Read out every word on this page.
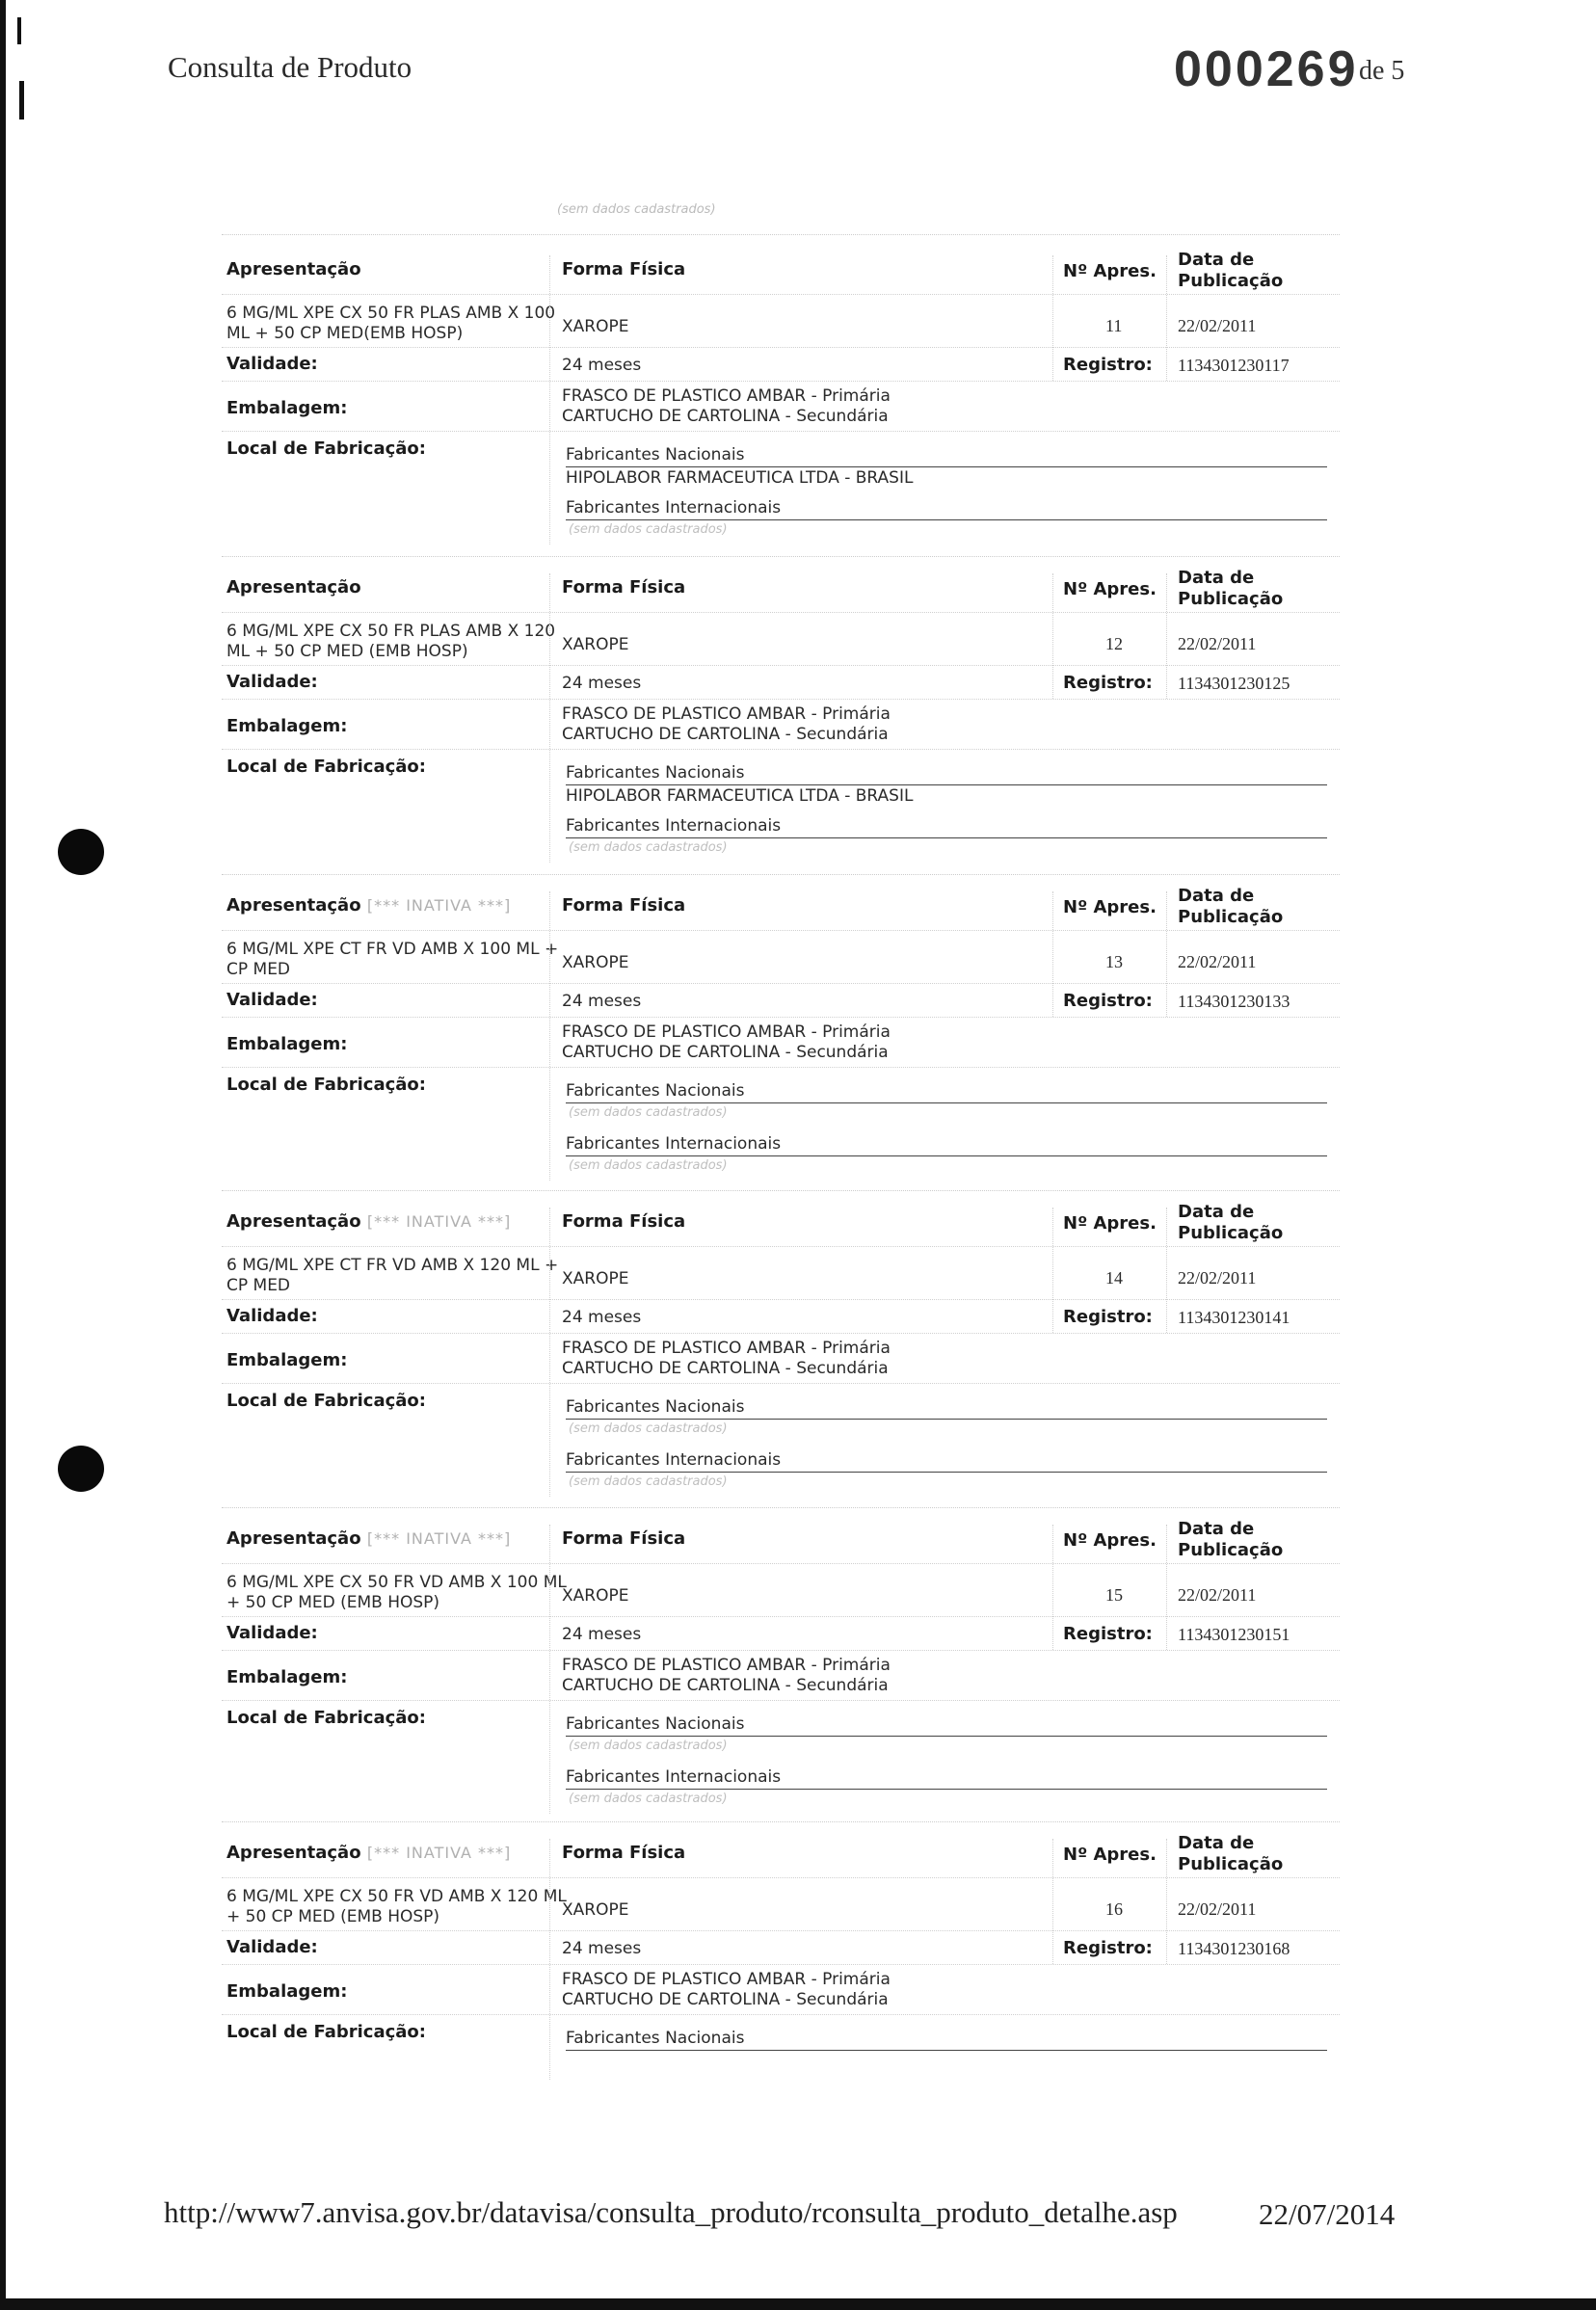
Consulta de Produto	000269 de 5
(sem dados cadastrados)
Apresentação	Forma Física	Nº Apres.
Data de
Publicação
6 MG/ML XPE CX 50 FR PLAS AMB X 100
ML + 50 CP MED(EMB HOSP)	XAROPE	11	22/02/2011
Validade:	24 meses	Registro: 1134301230117
Embalagem:
FRASCO DE PLASTICO AMBAR - Primária
CARTUCHO DE CARTOLINA - Secundária
Local de Fabricação:	Fabricantes Nacionais
HIPOLABOR FARMACEUTICA LTDA - BRASIL
Fabricantes Internacionais
(sem dados cadastrados)
Apresentação	Forma Física	Nº Apres.
Data de
Publicação
6 MG/ML XPE CX 50 FR PLAS AMB X 120
ML + 50 CP MED (EMB HOSP)	XAROPE	12	22/02/2011
Validade:	24 meses	Registro: 1134301230125
Embalagem:
FRASCO DE PLASTICO AMBAR - Primária
CARTUCHO DE CARTOLINA - Secundária
Local de Fabricação:	Fabricantes Nacionais
HIPOLABOR FARMACEUTICA LTDA - BRASIL
Fabricantes Internacionais
(sem dados cadastrados)
Apresentação [*** INATIVA ***]	Forma Física	Nº Apres.
Data de
Publicação
6 MG/ML XPE CT FR VD AMB X 100 ML +
CP MED	XAROPE	13	22/02/2011
Validade:	24 meses	Registro: 1134301230133
Embalagem:
FRASCO DE PLASTICO AMBAR - Primária
CARTUCHO DE CARTOLINA - Secundária
Local de Fabricação:	Fabricantes Nacionais
(sem dados cadastrados)
Fabricantes Internacionais
(sem dados cadastrados)
Apresentação [*** INATIVA ***]	Forma Física	Nº Apres.
Data de
Publicação
6 MG/ML XPE CT FR VD AMB X 120 ML +
CP MED	XAROPE	14	22/02/2011
Validade:	24 meses	Registro: 1134301230141
Embalagem:
FRASCO DE PLASTICO AMBAR - Primária
CARTUCHO DE CARTOLINA - Secundária
Local de Fabricação:	Fabricantes Nacionais
(sem dados cadastrados)
Fabricantes Internacionais
(sem dados cadastrados)
Apresentação [*** INATIVA ***]	Forma Física	Nº Apres.
Data de
Publicação
6 MG/ML XPE CX 50 FR VD AMB X 100 ML
+ 50 CP MED (EMB HOSP)	XAROPE	15	22/02/2011
Validade:	24 meses	Registro: 1134301230151
Embalagem:
FRASCO DE PLASTICO AMBAR - Primária
CARTUCHO DE CARTOLINA - Secundária
Local de Fabricação:	Fabricantes Nacionais
(sem dados cadastrados)
Fabricantes Internacionais
(sem dados cadastrados)
Apresentação [*** INATIVA ***]	Forma Física	Nº Apres.
Data de
Publicação
6 MG/ML XPE CX 50 FR VD AMB X 120 ML
+ 50 CP MED (EMB HOSP)	XAROPE	16	22/02/2011
Validade:	24 meses	Registro: 1134301230168
Embalagem:
FRASCO DE PLASTICO AMBAR - Primária
CARTUCHO DE CARTOLINA - Secundária
Local de Fabricação:	Fabricantes Nacionais
http://www7.anvisa.gov.br/datavisa/consulta_produto/rconsulta_produto_detalhe.asp	22/07/2014
